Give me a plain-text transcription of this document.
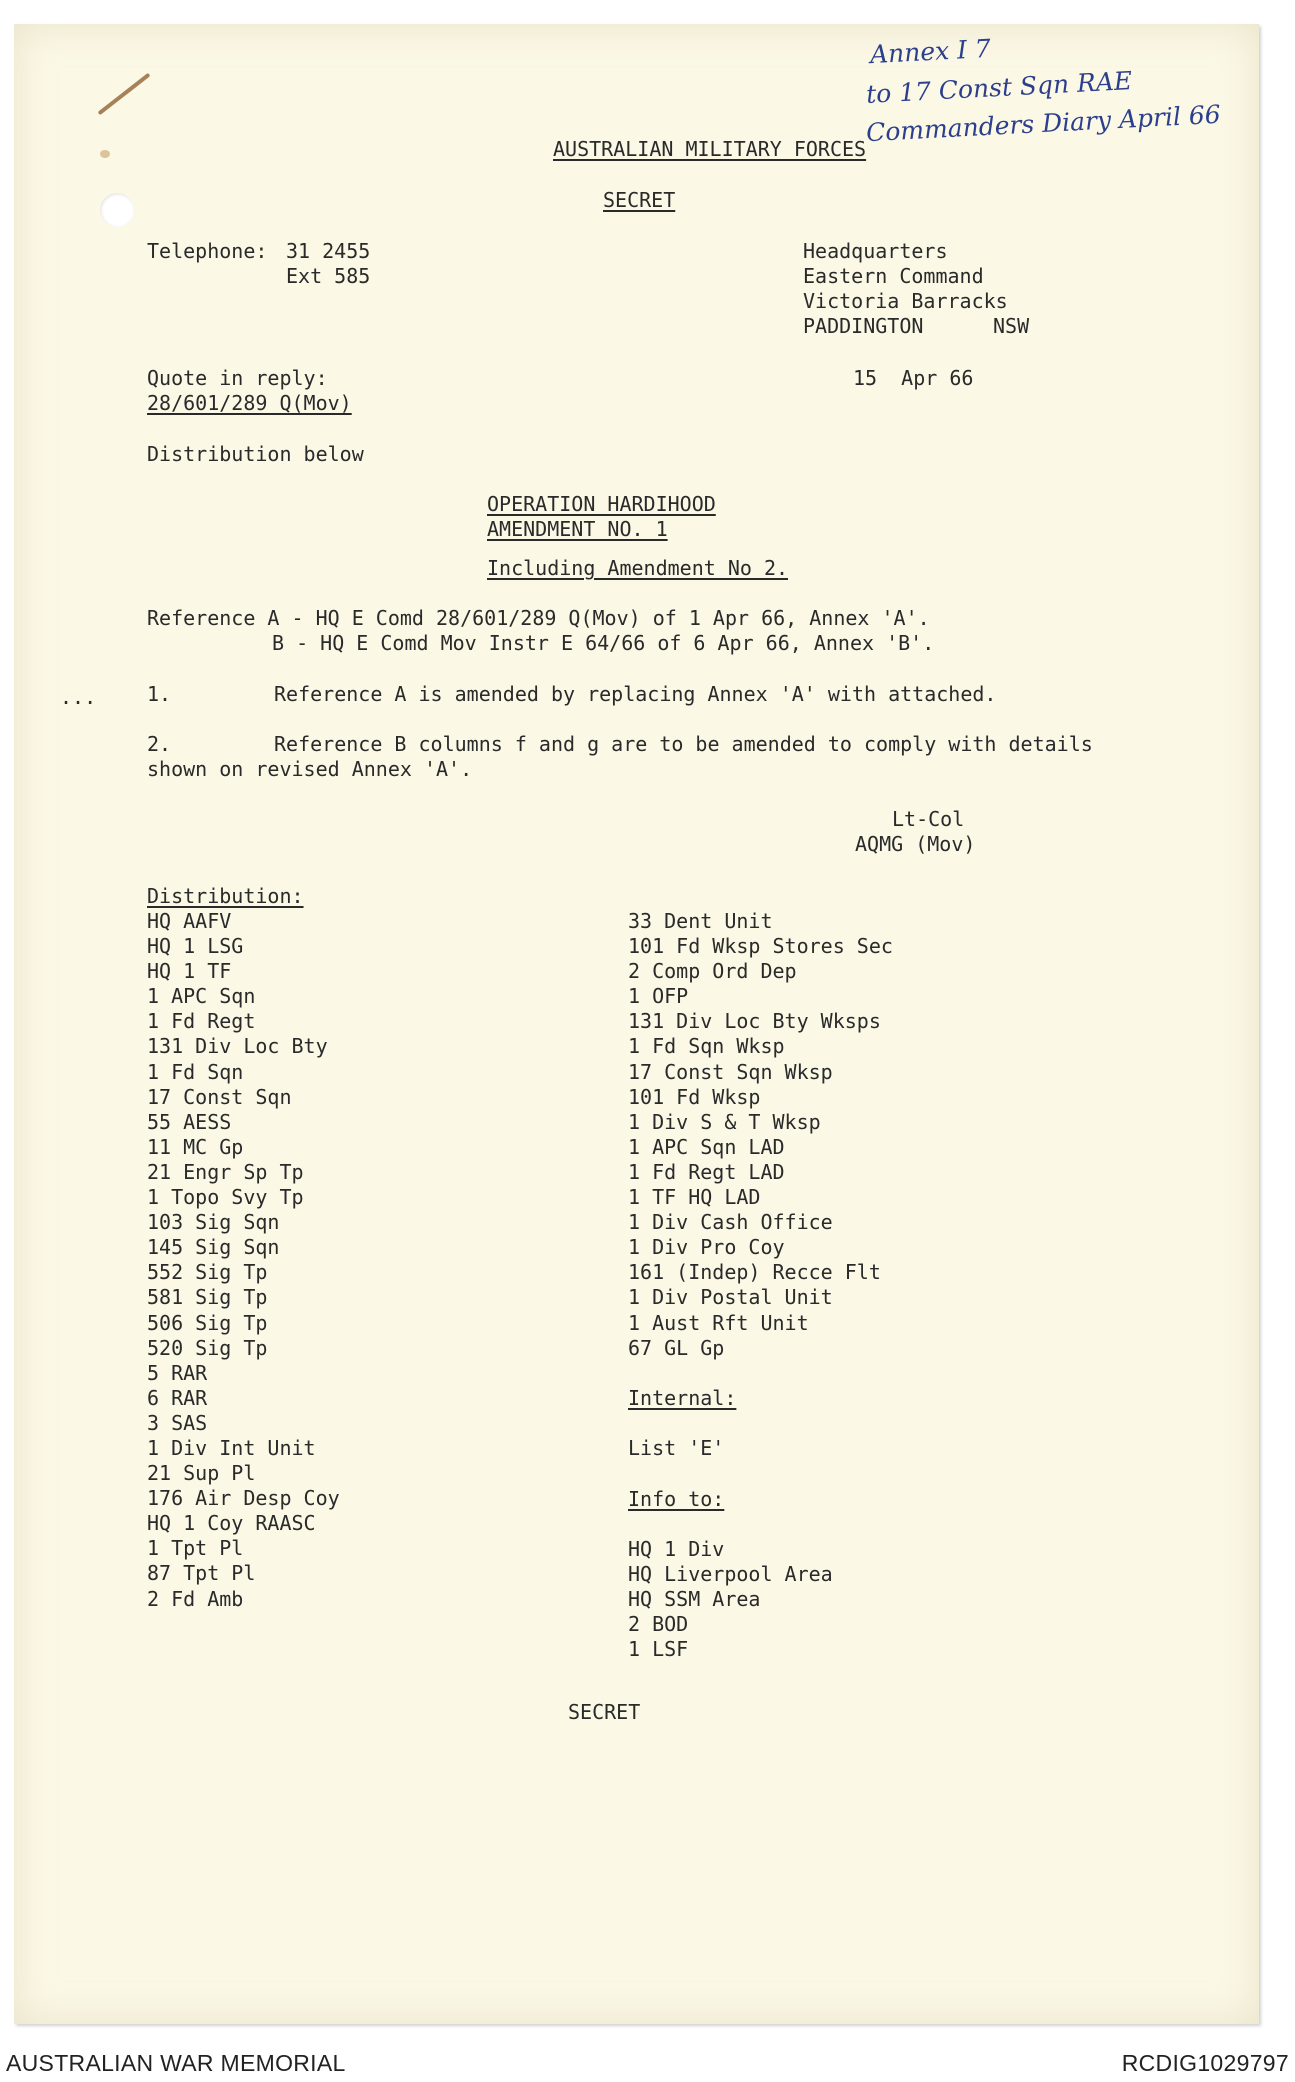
Annex I 7
to 17 Const Sqn RAE
Commanders Diary April 66
AUSTRALIAN MILITARY FORCES
SECRET
Telephone: 31 2455
Ext 585
Headquarters
Eastern Command
Victoria Barracks
PADDINGTON	NSW
Quote in reply:
28/601/289 Q(Mov)
15  Apr 66
Distribution below
OPERATION HARDIHOOD
AMENDMENT NO. 1
Including Amendment No 2.
Reference A - HQ E Comd 28/601/289 Q(Mov) of 1 Apr 66, Annex 'A'.
B - HQ E Comd Mov Instr E 64/66 of 6 Apr 66, Annex 'B'.
...	1.	Reference A is amended by replacing Annex 'A' with attached.
2.	Reference B columns f and g are to be amended to comply with details
shown on revised Annex 'A'.
Lt-Col
AQMG (Mov)
Distribution:
HQ AAFV
HQ 1 LSG
HQ 1 TF
1 APC Sqn
1 Fd Regt
131 Div Loc Bty
1 Fd Sqn
17 Const Sqn
55 AESS
11 MC Gp
21 Engr Sp Tp
1 Topo Svy Tp
103 Sig Sqn
145 Sig Sqn
552 Sig Tp
581 Sig Tp
506 Sig Tp
520 Sig Tp
5 RAR
6 RAR
3 SAS
1 Div Int Unit
21 Sup Pl
176 Air Desp Coy
HQ 1 Coy RAASC
1 Tpt Pl
87 Tpt Pl
2 Fd Amb
33 Dent Unit
101 Fd Wksp Stores Sec
2 Comp Ord Dep
1 OFP
131 Div Loc Bty Wksps
1 Fd Sqn Wksp
17 Const Sqn Wksp
101 Fd Wksp
1 Div S & T Wksp
1 APC Sqn LAD
1 Fd Regt LAD
1 TF HQ LAD
1 Div Cash Office
1 Div Pro Coy
161 (Indep) Recce Flt
1 Div Postal Unit
1 Aust Rft Unit
67 GL Gp
Internal:
List 'E'
Info to:
HQ 1 Div
HQ Liverpool Area
HQ SSM Area
2 BOD
1 LSF
SECRET
AUSTRALIAN WAR MEMORIAL	RCDIG1029797
